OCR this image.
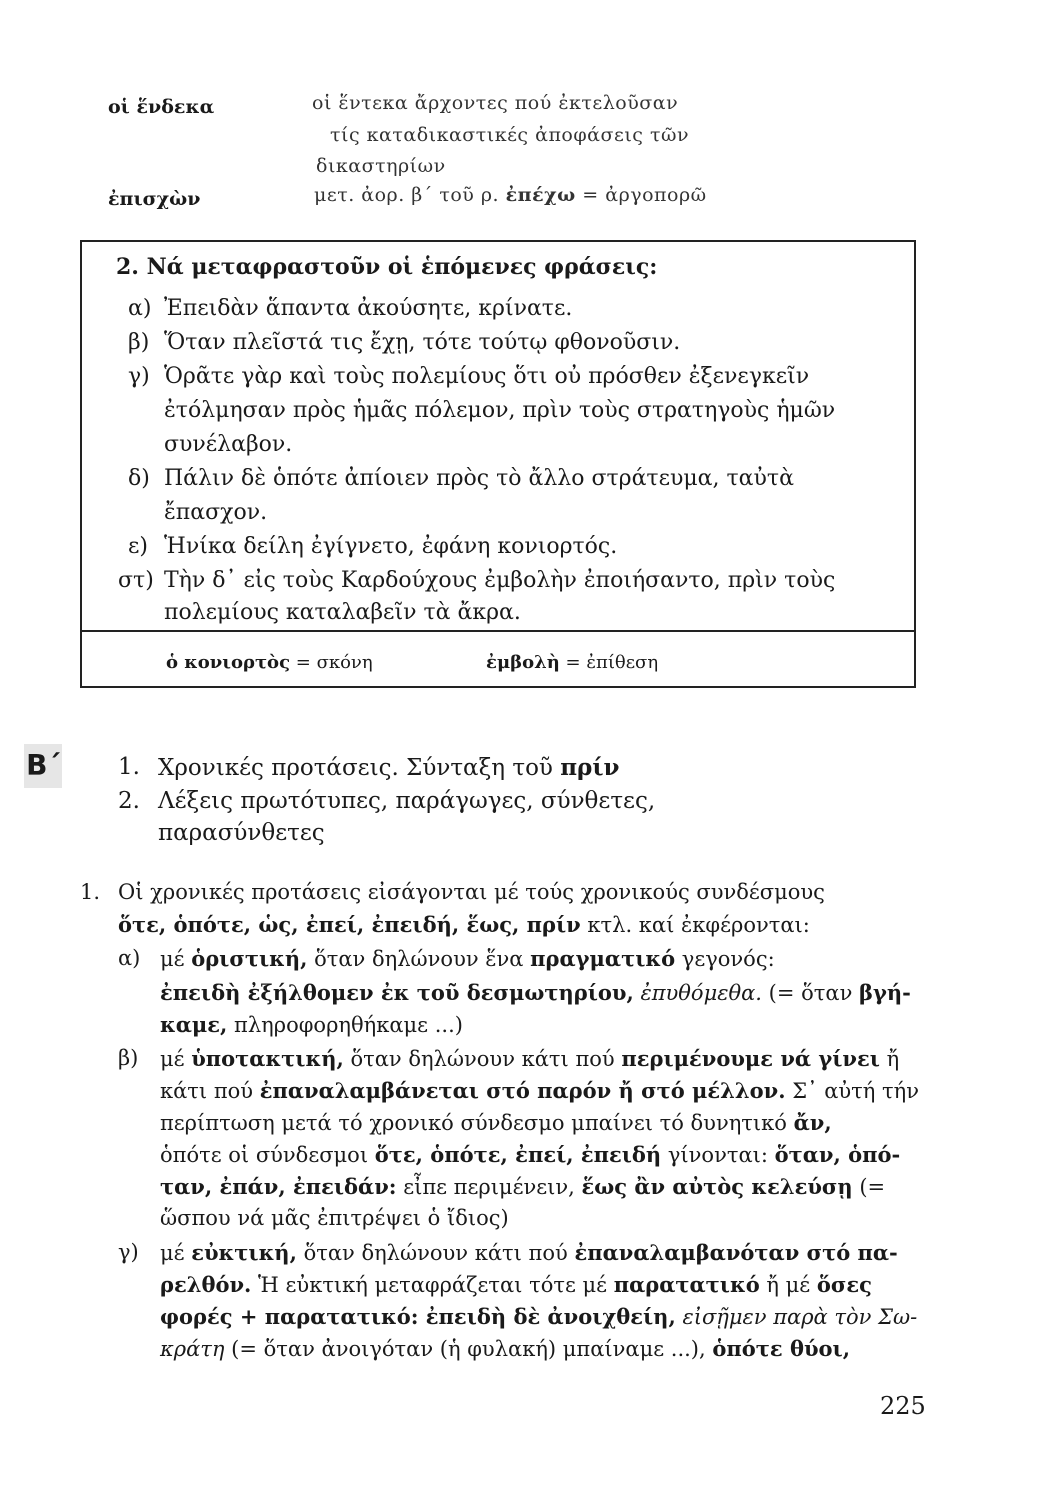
οἱ ἕνδεκα	οἱ ἕντεκα ἄρχοντες πού ἐκτελοῦσαν
τίς καταδικαστικές ἀποφάσεις τῶν
δικαστηρίων
ἐπισχὼν	μετ. ἀορ. β΄ τοῦ ρ. ἐπέχω = ἀργοπορῶ
2. Νά μεταφραστοῦν οἱ ἑπόμενες φράσεις:
α) Ἐπειδὰν ἅπαντα ἀκούσητε, κρίνατε.
β) Ὅταν πλεῖστά τις ἔχῃ, τότε τούτῳ φθονοῦσιν.
γ) Ὁρᾶτε γὰρ καὶ τοὺς πολεμίους ὅτι οὐ πρόσθεν ἐξενεγκεῖν
ἐτόλμησαν πρὸς ἡμᾶς πόλεμον, πρὶν τοὺς στρατηγοὺς ἡμῶν
συνέλαβον.
δ) Πάλιν δὲ ὁπότε ἀπίοιεν πρὸς τὸ ἄλλο στράτευμα, ταὐτὰ
ἔπασχον.
ε) Ἡνίκα δείλη ἐγίγνετο, ἐφάνη κονιορτός.
στ) Τὴν δ᾽ εἰς τοὺς Καρδούχους ἐμβολὴν ἐποιήσαντο, πρὶν τοὺς
πολεμίους καταλαβεῖν τὰ ἄκρα.
ὁ κονιορτὸς = σκόνη	ἐμβολὴ = ἐπίθεση
Β΄	1. Χρονικές προτάσεις. Σύνταξη τοῦ πρίν
2. Λέξεις πρωτότυπες, παράγωγες, σύνθετες,
παρασύνθετες
1. Οἱ χρονικές προτάσεις εἰσάγονται μέ τούς χρονικούς συνδέσμους
ὅτε, ὁπότε, ὡς, ἐπεί, ἐπειδή, ἕως, πρίν κτλ. καί ἐκφέρονται:
α) μέ ὁριστική, ὅταν δηλώνουν ἕνα πραγματικό γεγονός:
ἐπειδὴ ἐξήλθομεν ἐκ τοῦ δεσμωτηρίου, ἐπυθόμεθα. (= ὅταν βγή-
καμε, πληροφορηθήκαμε ...)
β) μέ ὑποτακτική, ὅταν δηλώνουν κάτι πού περιμένουμε νά γίνει ἤ
κάτι πού ἐπαναλαμβάνεται στό παρόν ἤ στό μέλλον. Σ᾽ αὐτή τήν
περίπτωση μετά τό χρονικό σύνδεσμο μπαίνει τό δυνητικό ἄν,
ὁπότε οἱ σύνδεσμοι ὅτε, ὁπότε, ἐπεί, ἐπειδή γίνονται: ὅταν, ὁπό-
ταν, ἐπάν, ἐπειδάν: εἶπε περιμένειν, ἕως ἂν αὐτὸς κελεύσῃ (=
ὥσπου νά μᾶς ἐπιτρέψει ὁ ἴδιος)
γ) μέ εὐκτική, ὅταν δηλώνουν κάτι πού ἐπαναλαμβανόταν στό πα-
ρελθόν. Ἡ εὐκτική μεταφράζεται τότε μέ παρατατικό ἤ μέ ὅσες
φορές + παρατατικό: ἐπειδὴ δὲ ἀνοιχθείη, εἰσῇμεν παρὰ τὸν Σω-
κράτη (= ὅταν ἀνοιγόταν (ἡ φυλακή) μπαίναμε ...), ὁπότε θύοι,
225
